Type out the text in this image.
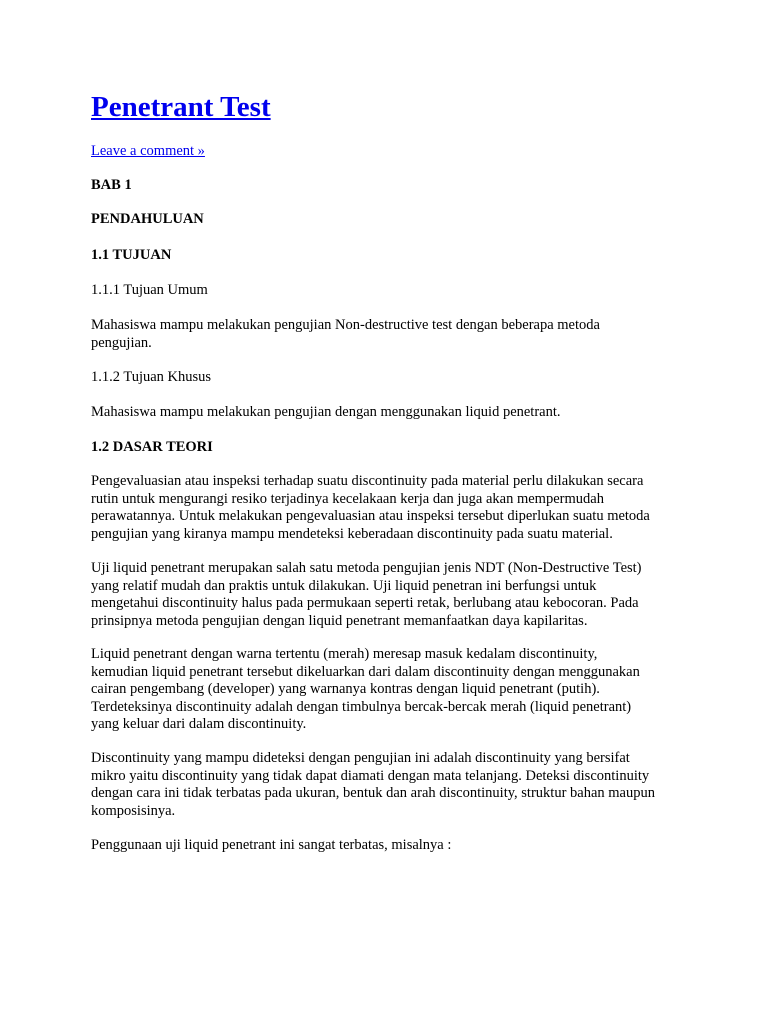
Penetrant Test
Leave a comment »

BAB 1

PENDAHULUAN

1.1 TUJUAN

1.1.1 Tujuan Umum

Mahasiswa mampu melakukan pengujian Non-destructive test dengan beberapa metoda
pengujian.

1.1.2 Tujuan Khusus

Mahasiswa mampu melakukan pengujian dengan menggunakan liquid penetrant.

1.2 DASAR TEORI

Pengevaluasian atau inspeksi terhadap suatu discontinuity pada material perlu dilakukan secara
rutin untuk mengurangi resiko terjadinya kecelakaan kerja dan juga akan mempermudah
perawatannya. Untuk melakukan pengevaluasian atau inspeksi tersebut diperlukan suatu metoda
pengujian yang kiranya mampu mendeteksi keberadaan discontinuity pada suatu material.

Uji liquid penetrant merupakan salah satu metoda pengujian jenis NDT (Non-Destructive Test)
yang relatif mudah dan praktis untuk dilakukan. Uji liquid penetran ini berfungsi untuk
mengetahui discontinuity halus pada permukaan seperti retak, berlubang atau kebocoran. Pada
prinsipnya metoda pengujian dengan liquid penetrant memanfaatkan daya kapilaritas.

Liquid penetrant dengan warna tertentu (merah) meresap masuk kedalam discontinuity,
kemudian liquid penetrant tersebut dikeluarkan dari dalam discontinuity dengan menggunakan
cairan pengembang (developer) yang warnanya kontras dengan liquid penetrant (putih).
Terdeteksinya discontinuity adalah dengan timbulnya bercak-bercak merah (liquid penetrant)
yang keluar dari dalam discontinuity.

Discontinuity yang mampu dideteksi dengan pengujian ini adalah discontinuity yang bersifat
mikro yaitu discontinuity yang tidak dapat diamati dengan mata telanjang. Deteksi discontinuity
dengan cara ini tidak terbatas pada ukuran, bentuk dan arah discontinuity, struktur bahan maupun
komposisinya.

Penggunaan uji liquid penetrant ini sangat terbatas, misalnya :
